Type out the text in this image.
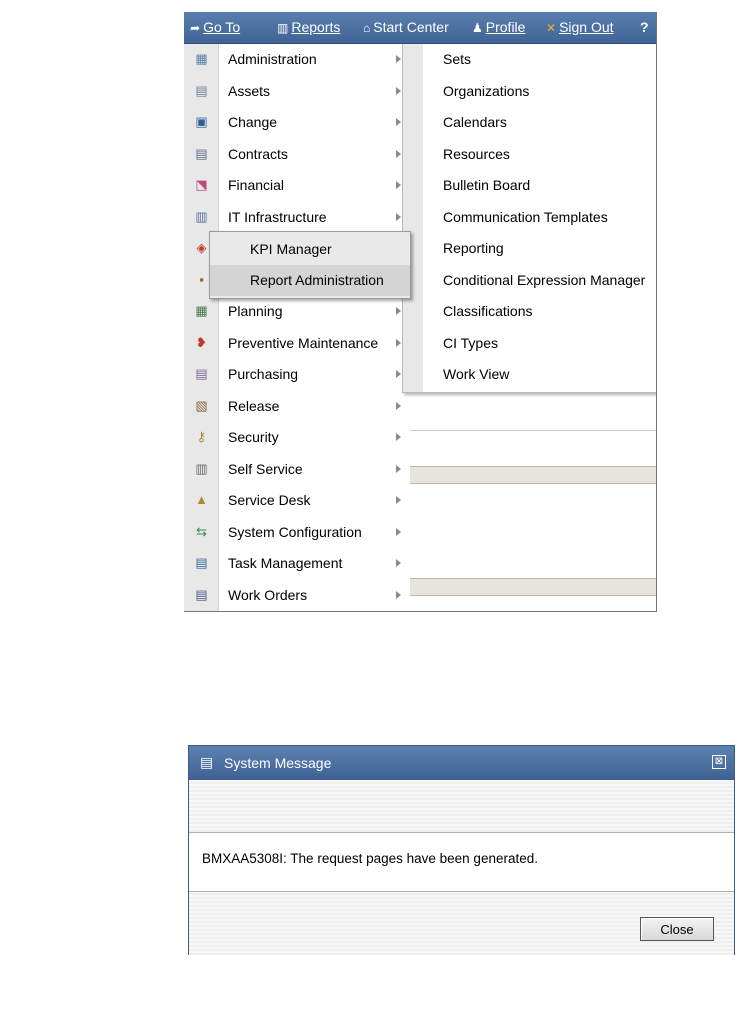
➦ Go To	▥ Reports ⌂ Start Center ♟ Profile ✕ Sign Out ?
▦ Administration
▤ Assets
▣ Change
▤ Contracts
⬔ Financial
▥ IT Infrastructure
◈
▪
▦ Planning
❥ Preventive Maintenance
▤ Purchasing
▧ Release
⚷ Security
▥ Self Service
▲ Service Desk
⇆ System Configuration
▤ Task Management
▤ Work Orders
Sets
Organizations
Calendars
Resources
Bulletin Board
Communication Templates
Reporting
Conditional Expression Manager
Classifications
CI Types
Work View
KPI Manager
Report Administration
▤ System Message	⊠
BMXAA5308I: The request pages have been generated.
Close
